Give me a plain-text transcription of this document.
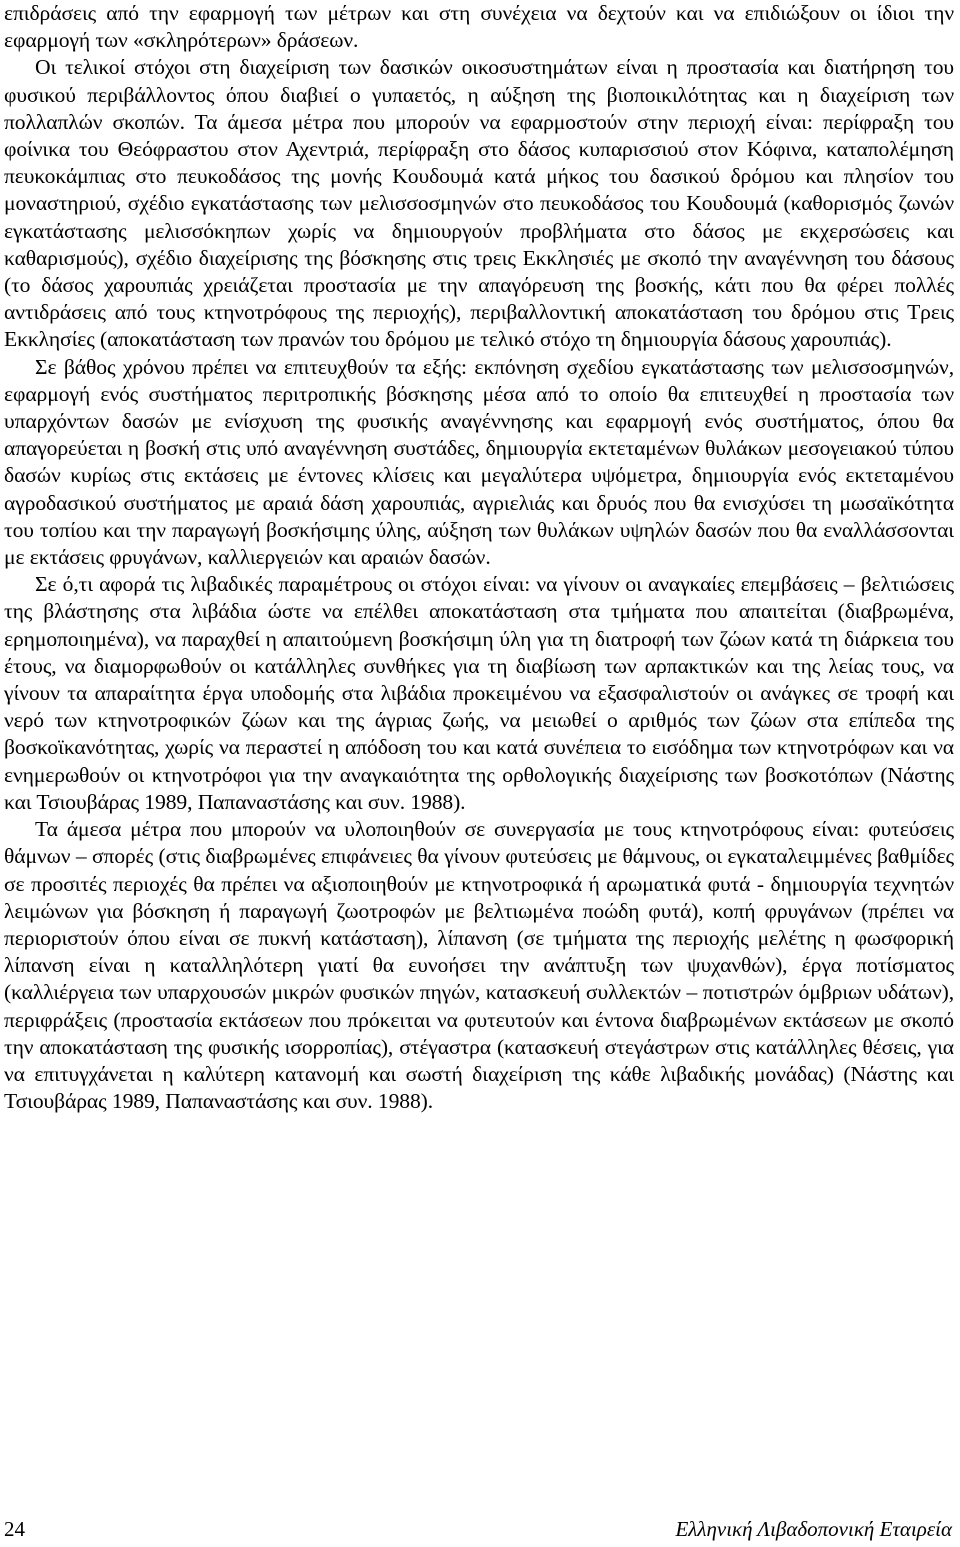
επιδράσεις από την εφαρμογή των μέτρων και στη συνέχεια να δεχτούν και να επιδιώξουν οι ίδιοι την εφαρμογή των «σκληρότερων» δράσεων.

Οι τελικοί στόχοι στη διαχείριση των δασικών οικοσυστημάτων είναι η προστασία και διατήρηση του φυσικού περιβάλλοντος όπου διαβιεί ο γυπαετός, η αύξηση της βιοποικιλότητας και η διαχείριση των πολλαπλών σκοπών. Τα άμεσα μέτρα που μπορούν να εφαρμοστούν στην περιοχή είναι: περίφραξη του φοίνικα του Θεόφραστου στον Αχεντριά, περίφραξη στο δάσος κυπαρισσιού στον Κόφινα, καταπολέμηση πευκοκάμπιας στο πευκοδάσος της μονής Κουδουμά κατά μήκος του δασικού δρόμου και πλησίον του μοναστηριού, σχέδιο εγκατάστασης των μελισσοσμηνών στο πευκοδάσος του Κουδουμά (καθορισμός ζωνών εγκατάστασης μελισσόκηπων χωρίς να δημιουργούν προβλήματα στο δάσος με εκχερσώσεις και καθαρισμούς), σχέδιο διαχείρισης της βόσκησης στις τρεις Εκκλησιές με σκοπό την αναγέννηση του δάσους (το δάσος χαρουπιάς χρειάζεται προστασία με την απαγόρευση της βοσκής, κάτι που θα φέρει πολλές αντιδράσεις από τους κτηνοτρόφους της περιοχής), περιβαλλοντική αποκατάσταση του δρόμου στις Τρεις Εκκλησίες (αποκατάσταση των πρανών του δρόμου με τελικό στόχο τη δημιουργία δάσους χαρουπιάς).

Σε βάθος χρόνου πρέπει να επιτευχθούν τα εξής: εκπόνηση σχεδίου εγκατάστασης των μελισσοσμηνών, εφαρμογή ενός συστήματος περιτροπικής βόσκησης μέσα από το οποίο θα επιτευχθεί η προστασία των υπαρχόντων δασών με ενίσχυση της φυσικής αναγέννησης και εφαρμογή ενός συστήματος, όπου θα απαγορεύεται η βοσκή στις υπό αναγέννηση συστάδες, δημιουργία εκτεταμένων θυλάκων μεσογειακού τύπου δασών κυρίως στις εκτάσεις με έντονες κλίσεις και μεγαλύτερα υψόμετρα, δημιουργία ενός εκτεταμένου αγροδασικού συστήματος με αραιά δάση χαρουπιάς, αγριελιάς και δρυός που θα ενισχύσει τη μωσαϊκότητα του τοπίου και την παραγωγή βοσκήσιμης ύλης, αύξηση των θυλάκων υψηλών δασών που θα εναλλάσσονται με εκτάσεις φρυγάνων, καλλιεργειών και αραιών δασών.

Σε ό,τι αφορά τις λιβαδικές παραμέτρους οι στόχοι είναι: να γίνουν οι αναγκαίες επεμβάσεις – βελτιώσεις της βλάστησης στα λιβάδια ώστε να επέλθει αποκατάσταση στα τμήματα που απαιτείται (διαβρωμένα, ερημοποιημένα), να παραχθεί η απαιτούμενη βοσκήσιμη ύλη για τη διατροφή των ζώων κατά τη διάρκεια του έτους, να διαμορφωθούν οι κατάλληλες συνθήκες για τη διαβίωση των αρπακτικών και της λείας τους, να γίνουν τα απαραίτητα έργα υποδομής στα λιβάδια προκειμένου να εξασφαλιστούν οι ανάγκες σε τροφή και νερό των κτηνοτροφικών ζώων και της άγριας ζωής, να μειωθεί ο αριθμός των ζώων στα επίπεδα της βοσκοϊκανότητας, χωρίς να περαστεί η απόδοση του και κατά συνέπεια το εισόδημα των κτηνοτρόφων και να ενημερωθούν οι κτηνοτρόφοι για την αναγκαιότητα της ορθολογικής διαχείρισης των βοσκοτόπων (Νάστης και Τσιουβάρας 1989, Παπαναστάσης και συν. 1988).

Τα άμεσα μέτρα που μπορούν να υλοποιηθούν σε συνεργασία με τους κτηνοτρόφους είναι: φυτεύσεις θάμνων – σπορές (στις διαβρωμένες επιφάνειες θα γίνουν φυτεύσεις με θάμνους, οι εγκαταλειμμένες βαθμίδες σε προσιτές περιοχές θα πρέπει να αξιοποιηθούν με κτηνοτροφικά ή αρωματικά φυτά - δημιουργία τεχνητών λειμώνων για βόσκηση ή παραγωγή ζωοτροφών με βελτιωμένα ποώδη φυτά), κοπή φρυγάνων (πρέπει να περιοριστούν όπου είναι σε πυκνή κατάσταση), λίπανση (σε τμήματα της περιοχής μελέτης η φωσφορική λίπανση είναι η καταλληλότερη γιατί θα ευνοήσει την ανάπτυξη των ψυχανθών), έργα ποτίσματος (καλλιέργεια των υπαρχουσών μικρών φυσικών πηγών, κατασκευή συλλεκτών – ποτιστρών όμβριων υδάτων), περιφράξεις (προστασία εκτάσεων που πρόκειται να φυτευτούν και έντονα διαβρωμένων εκτάσεων με σκοπό την αποκατάσταση της φυσικής ισορροπίας), στέγαστρα (κατασκευή στεγάστρων στις κατάλληλες θέσεις, για να επιτυγχάνεται η καλύτερη κατανομή και σωστή διαχείριση της κάθε λιβαδικής μονάδας) (Νάστης και Τσιουβάρας 1989, Παπαναστάσης και συν. 1988).

24	Ελληνική Λιβαδοπονική Εταιρεία
